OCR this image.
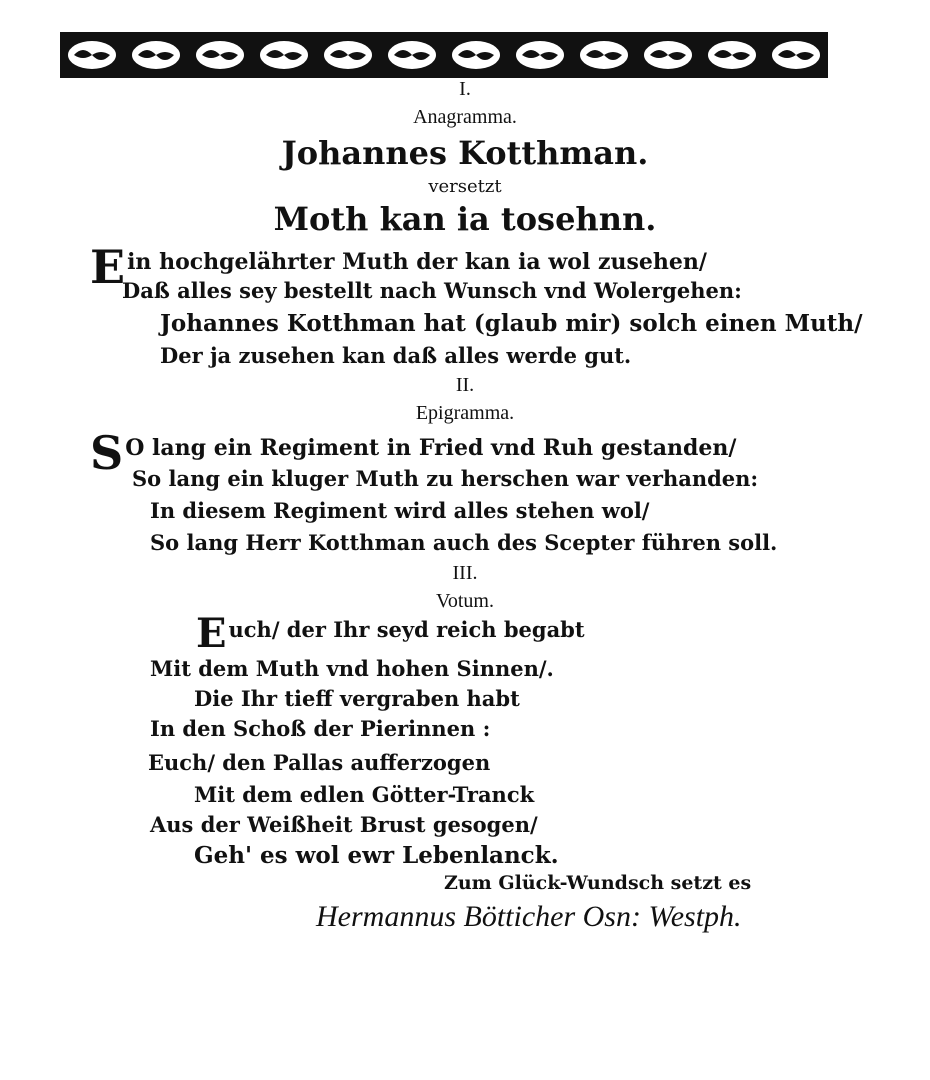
I.
Anagramma.
Johannes Kotthman.
versetzt
Moth kan ia tosehnn.
Ein hochgelährter Muth der kan ia wol zusehen/
Daß alles sey bestellt nach Wunsch vnd Wolergehen:
Johannes Kotthman hat (glaub mir) solch einen Muth/
Der ja zusehen kan daß alles werde gut.
II.
Epigramma.
SO lang ein Regiment in Fried vnd Ruh gestanden/
So lang ein kluger Muth zu herschen war verhanden:
In diesem Regiment wird alles stehen wol/
So lang Herr Kotthman auch des Scepter führen soll.
III.
Votum.
Euch/ der Ihr seyd reich begabt
Mit dem Muth vnd hohen Sinnen/.
Die Ihr tieff vergraben habt
In den Schoß der Pierinnen :
Euch/ den Pallas aufferzogen
Mit dem edlen Götter-Tranck
Aus der Weißheit Brust gesogen/
Geh' es wol ewr Lebenlanck.
Zum Glück-Wundsch setzt es
Hermannus Bötticher Osn: Westph.
